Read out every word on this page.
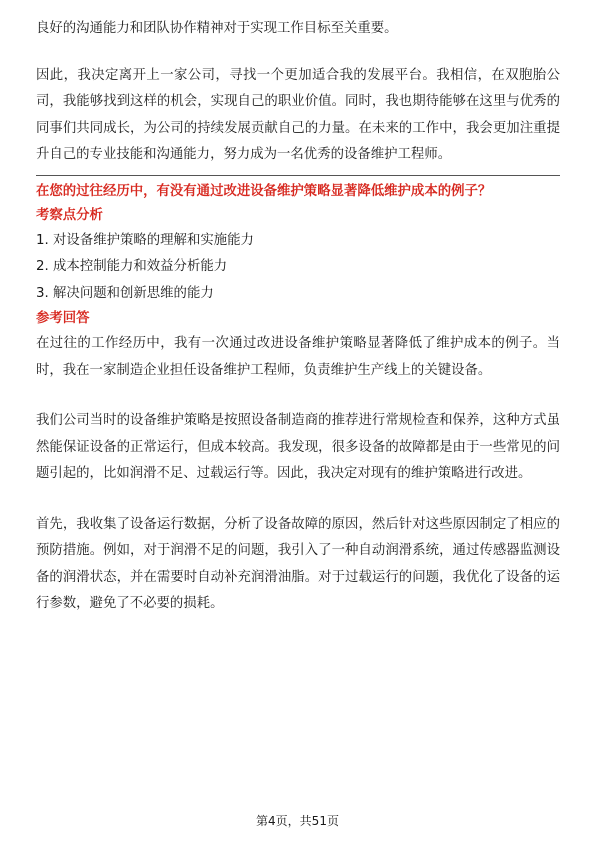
良好的沟通能力和团队协作精神对于实现工作目标至关重要。

因此，我决定离开上一家公司，寻找一个更加适合我的发展平台。我相信，在双胞胎公司，我能够找到这样的机会，实现自己的职业价值。同时，我也期待能够在这里与优秀的同事们共同成长，为公司的持续发展贡献自己的力量。在未来的工作中，我会更加注重提升自己的专业技能和沟通能力，努力成为一名优秀的设备维护工程师。

在您的过往经历中，有没有通过改进设备维护策略显著降低维护成本的例子？

考察点分析

1. 对设备维护策略的理解和实施能力
2. 成本控制能力和效益分析能力
3. 解决问题和创新思维的能力

参考回答

在过往的工作经历中，我有一次通过改进设备维护策略显著降低了维护成本的例子。当时，我在一家制造企业担任设备维护工程师，负责维护生产线上的关键设备。

我们公司当时的设备维护策略是按照设备制造商的推荐进行常规检查和保养，这种方式虽然能保证设备的正常运行，但成本较高。我发现，很多设备的故障都是由于一些常见的问题引起的，比如润滑不足、过载运行等。因此，我决定对现有的维护策略进行改进。

首先，我收集了设备运行数据，分析了设备故障的原因，然后针对这些原因制定了相应的预防措施。例如，对于润滑不足的问题，我引入了一种自动润滑系统，通过传感器监测设备的润滑状态，并在需要时自动补充润滑油脂。对于过载运行的问题，我优化了设备的运行参数，避免了不必要的损耗。

第4页，共51页
